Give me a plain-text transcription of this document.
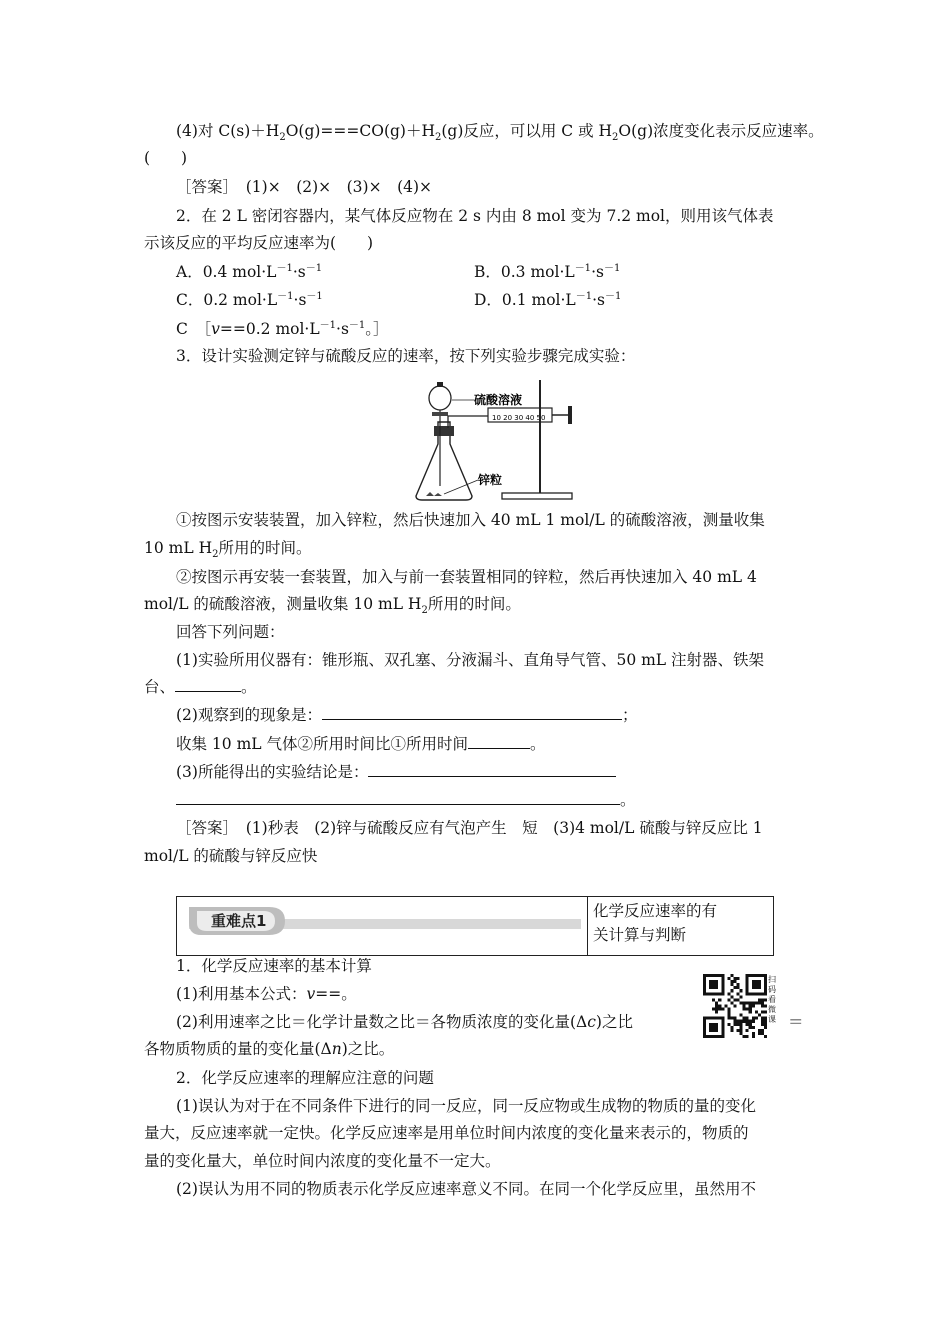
(4)对 $C(s)+H_2O(g)===CO(g)+H_2(g)$反应，可以用 C 或 $H_2O(g)$浓度变化表示反应速率。
(　　)
［答案］　(1)×　(2)×　(3)×　(4)×
2．在 2 L 密闭容器内，某气体反应物在 2 s 内由 8 mol 变为 7.2 mol，则用该气体表
示该反应的平均反应速率为(　　)
A．0.4 $mol\cdot L^{-1}\cdot s^{-1}$	B．0.3 $mol\cdot L^{-1}\cdot s^{-1}$
C．0.2 $mol\cdot L^{-1}\cdot s^{-1}$	D．0.1 $mol\cdot L^{-1}\cdot s^{-1}$
C　［v==0.2 $mol\cdot L^{-1}\cdot s^{-1}$。］
3．设计实验测定锌与硫酸反应的速率，按下列实验步骤完成实验：
10 20 30 40 50
硫酸溶液
锌粒
①按图示安装装置，加入锌粒，然后快速加入 40 mL 1 mol/L 的硫酸溶液，测量收集
10 mL $H_2$所用的时间。
②按图示再安装一套装置，加入与前一套装置相同的锌粒，然后再快速加入 40 mL 4
mol/L 的硫酸溶液，测量收集 10 mL $H_2$所用的时间。
回答下列问题：
(1)实验所用仪器有：锥形瓶、双孔塞、分液漏斗、直角导气管、50 mL 注射器、铁架
台、	。
(2)观察到的现象是：	；
收集 10 mL 气体②所用时间比①所用时间	。
(3)所能得出的实验结论是：
。
［答案］　(1)秒表　(2)锌与硫酸反应有气泡产生　短　(3)4 mol/L 硫酸与锌反应比 1
mol/L 的硫酸与锌反应快
重难点1
化学反应速率的有
关计算与判断
扫码看微课
1．化学反应速率的基本计算
(1)利用基本公式：v==。
(2)利用速率之比＝化学计量数之比＝各物质浓度的变化量(Δc)之比	＝
各物质物质的量的变化量(Δn)之比。
2．化学反应速率的理解应注意的问题
(1)误认为对于在不同条件下进行的同一反应，同一反应物或生成物的物质的量的变化
量大，反应速率就一定快。化学反应速率是用单位时间内浓度的变化量来表示的，物质的
量的变化量大，单位时间内浓度的变化量不一定大。
(2)误认为用不同的物质表示化学反应速率意义不同。在同一个化学反应里，虽然用不
